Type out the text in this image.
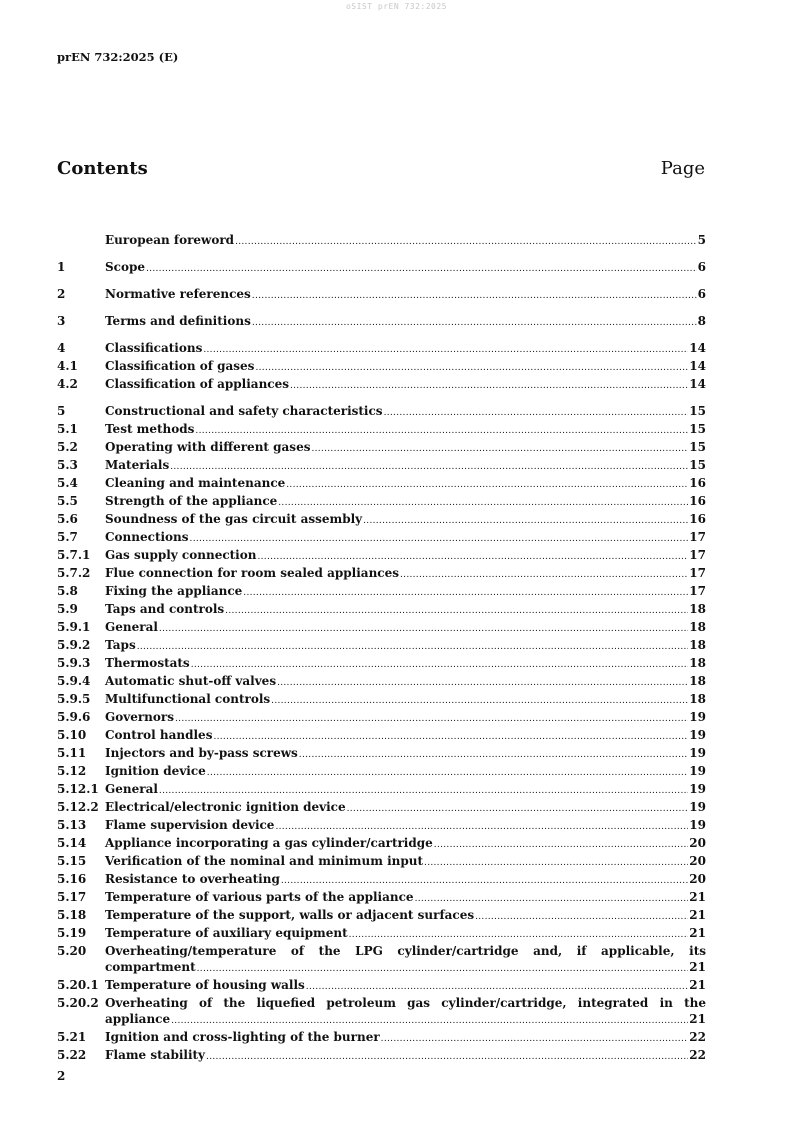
oSIST prEN 732:2025
prEN 732:2025 (E)
Contents	Page
European foreword .....	5
1	Scope .....	6
2	Normative references .....	6
3	Terms and definitions .....	8
4	Classifications .....	14
4.1	Classification of gases .....	14
4.2	Classification of appliances .....	14
5	Constructional and safety characteristics .....	15
5.1	Test methods .....	15
5.2	Operating with different gases .....	15
5.3	Materials .....	15
5.4	Cleaning and maintenance .....	16
5.5	Strength of the appliance .....	16
5.6	Soundness of the gas circuit assembly .....	16
5.7	Connections .....	17
5.7.1	Gas supply connection .....	17
5.7.2	Flue connection for room sealed appliances .....	17
5.8	Fixing the appliance .....	17
5.9	Taps and controls .....	18
5.9.1	General .....	18
5.9.2	Taps .....	18
5.9.3	Thermostats .....	18
5.9.4	Automatic shut-off valves .....	18
5.9.5	Multifunctional controls .....	18
5.9.6	Governors .....	19
5.10	Control handles .....	19
5.11	Injectors and by-pass screws .....	19
5.12	Ignition device .....	19
5.12.1 General .....	19
5.12.2 Electrical/electronic ignition device .....	19
5.13	Flame supervision device .....	19
5.14	Appliance incorporating a gas cylinder/cartridge .....	20
5.15	Verification of the nominal and minimum input .....	20
5.16	Resistance to overheating .....	20
5.17	Temperature of various parts of the appliance .....	21
5.18	Temperature of the support, walls or adjacent surfaces .....	21
5.19	Temperature of auxiliary equipment .....	21
5.20	Overheating/temperature of the LPG cylinder/cartridge and, if applicable, its
compartment .....	21
5.20.1 Temperature of housing walls .....	21
5.20.2 Overheating of the liquefied petroleum gas cylinder/cartridge, integrated in the
appliance .....	21
5.21	Ignition and cross-lighting of the burner .....	22
5.22	Flame stability .....	22
2
